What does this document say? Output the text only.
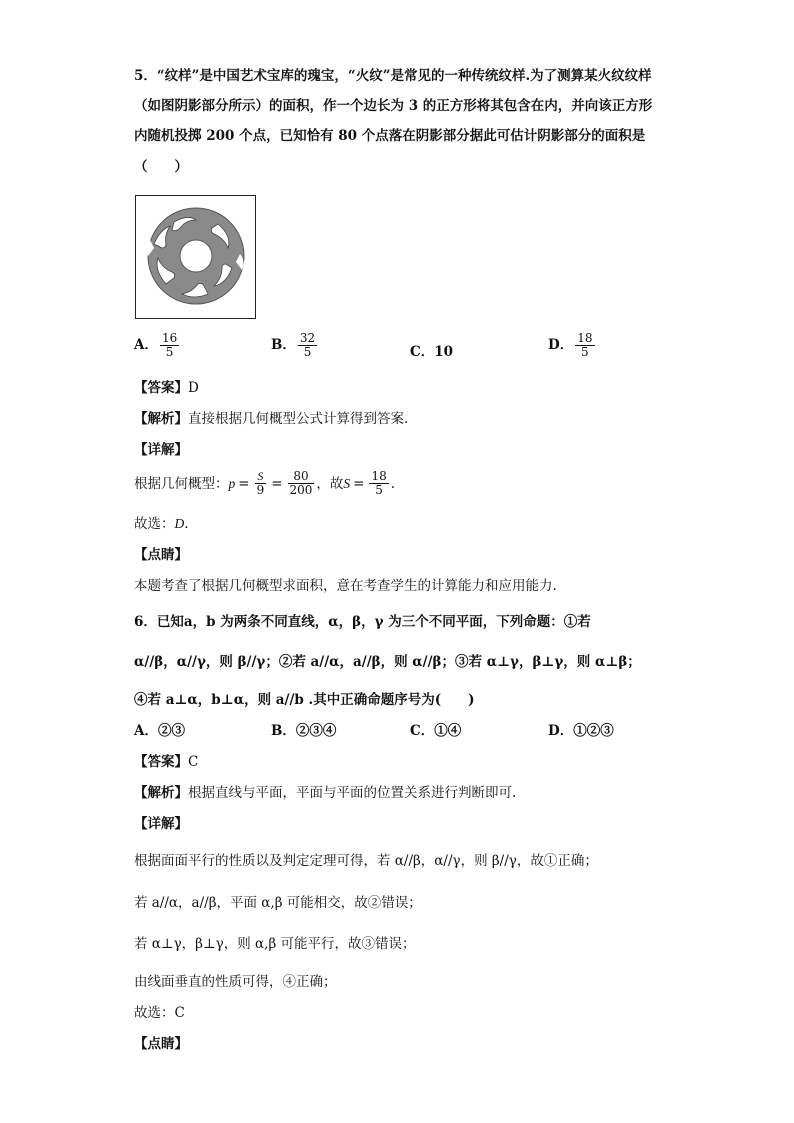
5．“纹样”是中国艺术宝库的瑰宝，“火纹”是常见的一种传统纹样.为了测算某火纹纹样
（如图阴影部分所示）的面积，作一个边长为 3 的正方形将其包含在内，并向该正方形
内随机投掷 200 个点，已知恰有 80 个点落在阴影部分据此可估计阴影部分的面积是
（　　）
A． $\frac{16}{5}$	B． $\frac{32}{5}$	C．10	D． $\frac{18}{5}$
【答案】D
【解析】直接根据几何概型公式计算得到答案.
【详解】
根据几何概型： $p = \frac{S}{9} = \frac{80}{200}$ ，故 $S = \frac{18}{5}$ .
故选：D.
【点睛】
本题考查了根据几何概型求面积，意在考查学生的计算能力和应用能力.
6．已知a，b 为两条不同直线，α，β，γ 为三个不同平面，下列命题：①若
α//β，α//γ，则 β//γ；②若 a//α，a//β，则 α//β；③若 α⊥γ，β⊥γ，则 α⊥β；
④若 a⊥α，b⊥α，则 a//b .其中正确命题序号为(　　)
A．②③	B．②③④	C．①④	D．①②③
【答案】C
【解析】根据直线与平面，平面与平面的位置关系进行判断即可.
【详解】
根据面面平行的性质以及判定定理可得，若 α//β，α//γ，则 β//γ，故①正确；
若 a//α，a//β，平面 α,β 可能相交，故②错误；
若 α⊥γ，β⊥γ，则 α,β 可能平行，故③错误；
由线面垂直的性质可得，④正确；
故选：C
【点睛】
